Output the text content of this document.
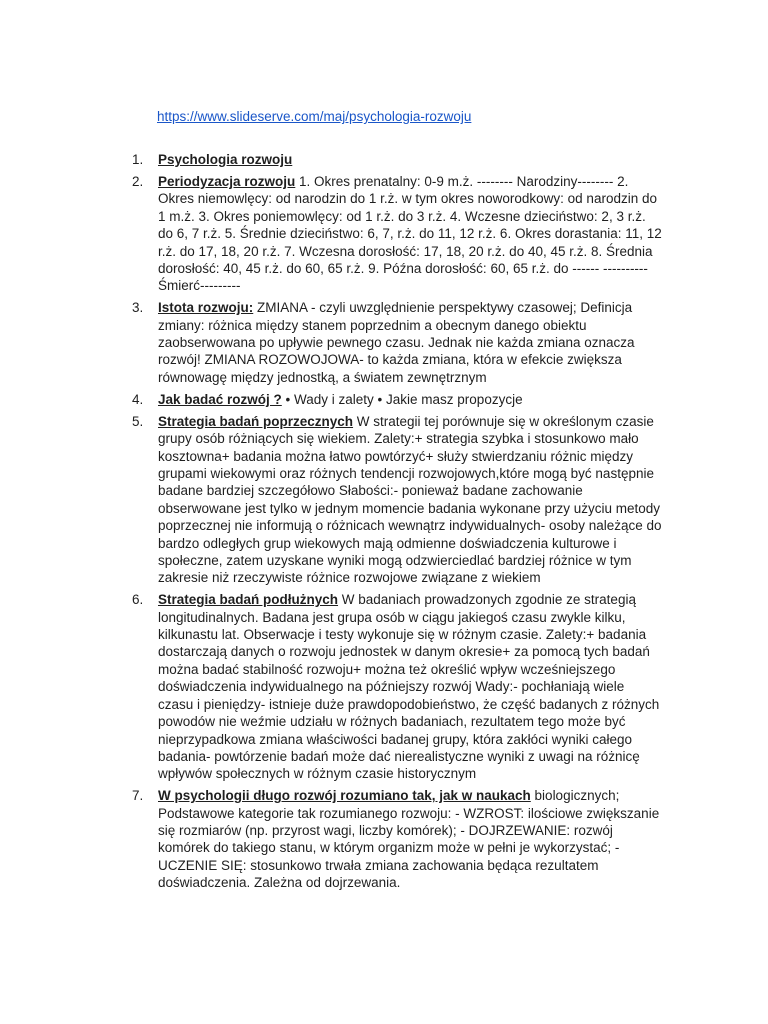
https://www.slideserve.com/maj/psychologia-rozwoju
1.	Psychologia rozwoju
2.	Periodyzacja rozwoju 1. Okres prenatalny: 0-9 m.ż. -------- Narodziny-------- 2. Okres niemowlęcy: od narodzin do 1 r.ż. w tym okres noworodkowy: od narodzin do 1 m.ż. 3. Okres poniemowlęcy: od 1 r.ż. do 3 r.ż. 4. Wczesne dzieciństwo: 2, 3 r.ż. do 6, 7 r.ż. 5. Średnie dzieciństwo: 6, 7, r.ż. do 11, 12 r.ż. 6. Okres dorastania: 11, 12 r.ż. do 17, 18, 20 r.ż. 7. Wczesna dorosłość: 17, 18, 20 r.ż. do 40, 45 r.ż. 8. Średnia dorosłość: 40, 45 r.ż. do 60, 65 r.ż. 9. Późna dorosłość: 60, 65 r.ż. do ------ ----------Śmierć---------
3.	Istota rozwoju: ZMIANA - czyli uwzględnienie perspektywy czasowej; Definicja zmiany: różnica między stanem poprzednim a obecnym danego obiektu zaobserwowana po upływie pewnego czasu. Jednak nie każda zmiana oznacza rozwój! ZMIANA ROZOWOJOWA- to każda zmiana, która w efekcie zwiększa równowagę między jednostką, a światem zewnętrznym
4.	Jak badać rozwój ? • Wady i zalety • Jakie masz propozycje
5.	Strategia badań poprzecznych W strategii tej porównuje się w określonym czasie grupy osób różniących się wiekiem. Zalety:+ strategia szybka i stosunkowo mało kosztowna+ badania można łatwo powtórzyć+ służy stwierdzaniu różnic między grupami wiekowymi oraz różnych tendencji rozwojowych,które mogą być następnie badane bardziej szczegółowo Słabości:- ponieważ badane zachowanie obserwowane jest tylko w jednym momencie badania wykonane przy użyciu metody poprzecznej nie informują o różnicach wewnątrz indywidualnych- osoby należące do bardzo odległych grup wiekowych mają odmienne doświadczenia kulturowe i społeczne, zatem uzyskane wyniki mogą odzwierciedlać bardziej różnice w tym zakresie niż rzeczywiste różnice rozwojowe związane z wiekiem
6.	Strategia badań podłużnych W badaniach prowadzonych zgodnie ze strategią longitudinalnych. Badana jest grupa osób w ciągu jakiegoś czasu zwykle kilku, kilkunastu lat. Obserwacje i testy wykonuje się w różnym czasie. Zalety:+ badania dostarczają danych o rozwoju jednostek w danym okresie+ za pomocą tych badań można badać stabilność rozwoju+ można też określić wpływ wcześniejszego doświadczenia indywidualnego na późniejszy rozwój Wady:- pochłaniają wiele czasu i pieniędzy- istnieje duże prawdopodobieństwo, że część badanych z różnych powodów nie weźmie udziału w różnych badaniach, rezultatem tego może być nieprzypadkowa zmiana właściwości badanej grupy, która zakłóci wyniki całego badania- powtórzenie badań może dać nierealistyczne wyniki z uwagi na różnicę wpływów społecznych w różnym czasie historycznym
7.	W psychologii długo rozwój rozumiano tak, jak w naukach biologicznych; Podstawowe kategorie tak rozumianego rozwoju: - WZROST: ilościowe zwiększanie się rozmiarów (np. przyrost wagi, liczby komórek); - DOJRZEWANIE: rozwój komórek do takiego stanu, w którym organizm może w pełni je wykorzystać; - UCZENIE SIĘ: stosunkowo trwała zmiana zachowania będąca rezultatem doświadczenia. Zależna od dojrzewania.
